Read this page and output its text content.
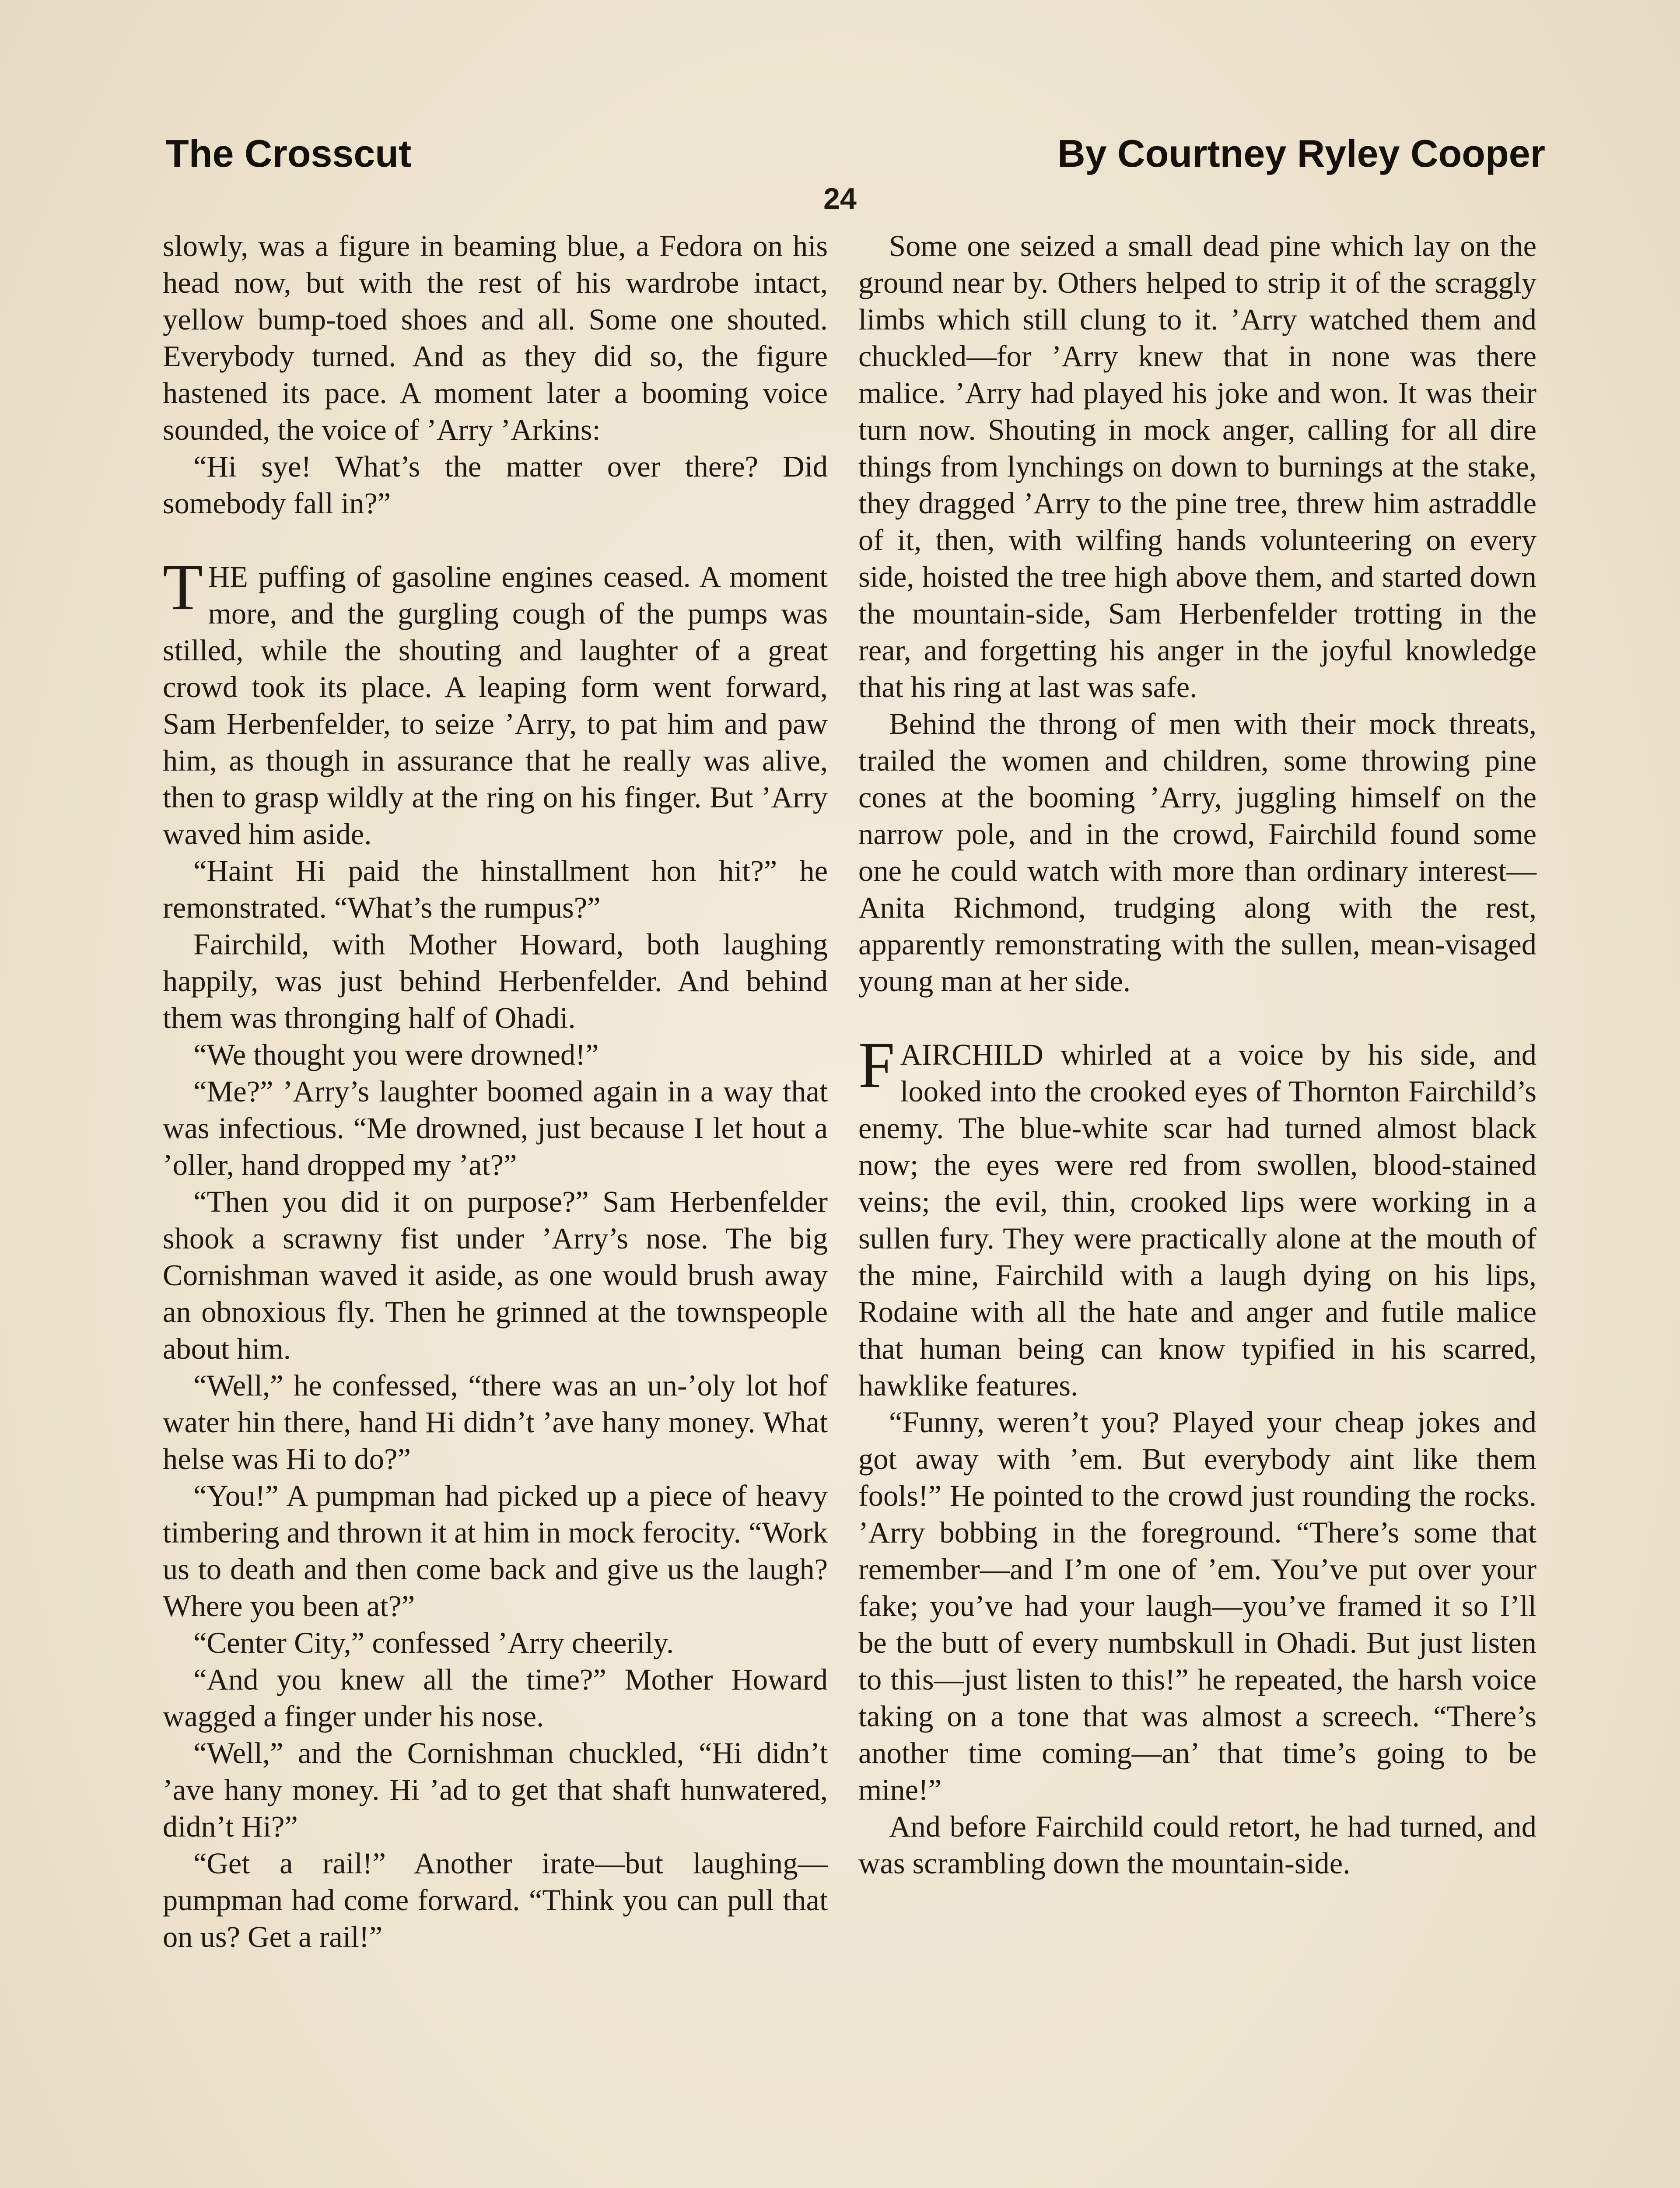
The Crosscut	By Courtney Ryley Cooper
24

slowly, was a figure in beaming blue, a Fedora on his head now, but with the rest of his wardrobe intact, yellow bump-toed shoes and all. Some one shouted. Everybody turned. And as they did so, the figure hastened its pace. A moment later a booming voice sounded, the voice of ’Arry ’Arkins:

“Hi sye! What’s the matter over there? Did somebody fall in?”

THE puffing of gasoline engines ceased. A moment more, and the gurgling cough of the pumps was stilled, while the shouting and laughter of a great crowd took its place. A leaping form went forward, Sam Herbenfelder, to seize ’Arry, to pat him and paw him, as though in assurance that he really was alive, then to grasp wildly at the ring on his finger. But ’Arry waved him aside.

“Haint Hi paid the hinstallment hon hit?” he remonstrated. “What’s the rumpus?”

Fairchild, with Mother Howard, both laughing happily, was just behind Herbenfelder. And behind them was thronging half of Ohadi.

“We thought you were drowned!”

“Me?” ’Arry’s laughter boomed again in a way that was infectious. “Me drowned, just because I let hout a ’oller, hand dropped my ’at?”

“Then you did it on purpose?” Sam Herbenfelder shook a scrawny fist under ’Arry’s nose. The big Cornishman waved it aside, as one would brush away an obnoxious fly. Then he grinned at the townspeople about him.

“Well,” he confessed, “there was an un-’oly lot hof water hin there, hand Hi didn’t ’ave hany money. What helse was Hi to do?”

“You!” A pumpman had picked up a piece of heavy timbering and thrown it at him in mock ferocity. “Work us to death and then come back and give us the laugh? Where you been at?”

“Center City,” confessed ’Arry cheerily.

“And you knew all the time?” Mother Howard wagged a finger under his nose.

“Well,” and the Cornishman chuckled, “Hi didn’t ’ave hany money. Hi ’ad to get that shaft hunwatered, didn’t Hi?”

“Get a rail!” Another irate—but laughing—pumpman had come forward. “Think you can pull that on us? Get a rail!”

Some one seized a small dead pine which lay on the ground near by. Others helped to strip it of the scraggly limbs which still clung to it. ’Arry watched them and chuckled—for ’Arry knew that in none was there malice. ’Arry had played his joke and won. It was their turn now. Shouting in mock anger, calling for all dire things from lynchings on down to burnings at the stake, they dragged ’Arry to the pine tree, threw him astraddle of it, then, with wilfing hands volunteering on every side, hoisted the tree high above them, and started down the mountain-side, Sam Herbenfelder trotting in the rear, and forgetting his anger in the joyful knowledge that his ring at last was safe.

Behind the throng of men with their mock threats, trailed the women and children, some throwing pine cones at the booming ’Arry, juggling himself on the narrow pole, and in the crowd, Fairchild found some one he could watch with more than ordinary interest—Anita Richmond, trudging along with the rest, apparently remonstrating with the sullen, mean-visaged young man at her side.

FAIRCHILD whirled at a voice by his side, and looked into the crooked eyes of Thornton Fairchild’s enemy. The blue-white scar had turned almost black now; the eyes were red from swollen, blood-stained veins; the evil, thin, crooked lips were working in a sullen fury. They were practically alone at the mouth of the mine, Fairchild with a laugh dying on his lips, Rodaine with all the hate and anger and futile malice that human being can know typified in his scarred, hawklike features.

“Funny, weren’t you? Played your cheap jokes and got away with ’em. But everybody aint like them fools!” He pointed to the crowd just rounding the rocks. ’Arry bobbing in the foreground. “There’s some that remember—and I’m one of ’em. You’ve put over your fake; you’ve had your laugh—you’ve framed it so I’ll be the butt of every numbskull in Ohadi. But just listen to this—just listen to this!” he repeated, the harsh voice taking on a tone that was almost a screech. “There’s another time coming—an’ that time’s going to be mine!”

And before Fairchild could retort, he had turned, and was scrambling down the mountain-side.
